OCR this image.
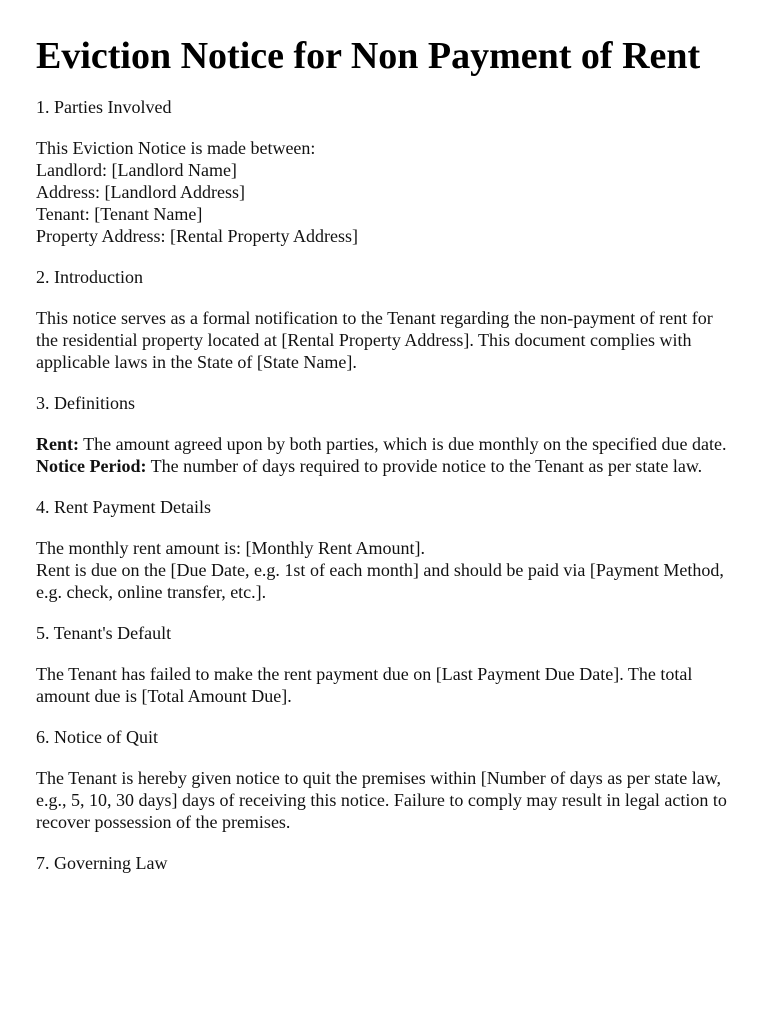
Eviction Notice for Non Payment of Rent

1. Parties Involved

This Eviction Notice is made between:
Landlord: [Landlord Name]
Address: [Landlord Address]
Tenant: [Tenant Name]
Property Address: [Rental Property Address]

2. Introduction

This notice serves as a formal notification to the Tenant regarding the non-payment of rent for the residential property located at [Rental Property Address]. This document complies with applicable laws in the State of [State Name].

3. Definitions

Rent: The amount agreed upon by both parties, which is due monthly on the specified due date.
Notice Period: The number of days required to provide notice to the Tenant as per state law.

4. Rent Payment Details

The monthly rent amount is: [Monthly Rent Amount].
Rent is due on the [Due Date, e.g. 1st of each month] and should be paid via [Payment Method, e.g. check, online transfer, etc.].

5. Tenant's Default

The Tenant has failed to make the rent payment due on [Last Payment Due Date]. The total amount due is [Total Amount Due].

6. Notice of Quit

The Tenant is hereby given notice to quit the premises within [Number of days as per state law, e.g., 5, 10, 30 days] days of receiving this notice. Failure to comply may result in legal action to recover possession of the premises.

7. Governing Law
